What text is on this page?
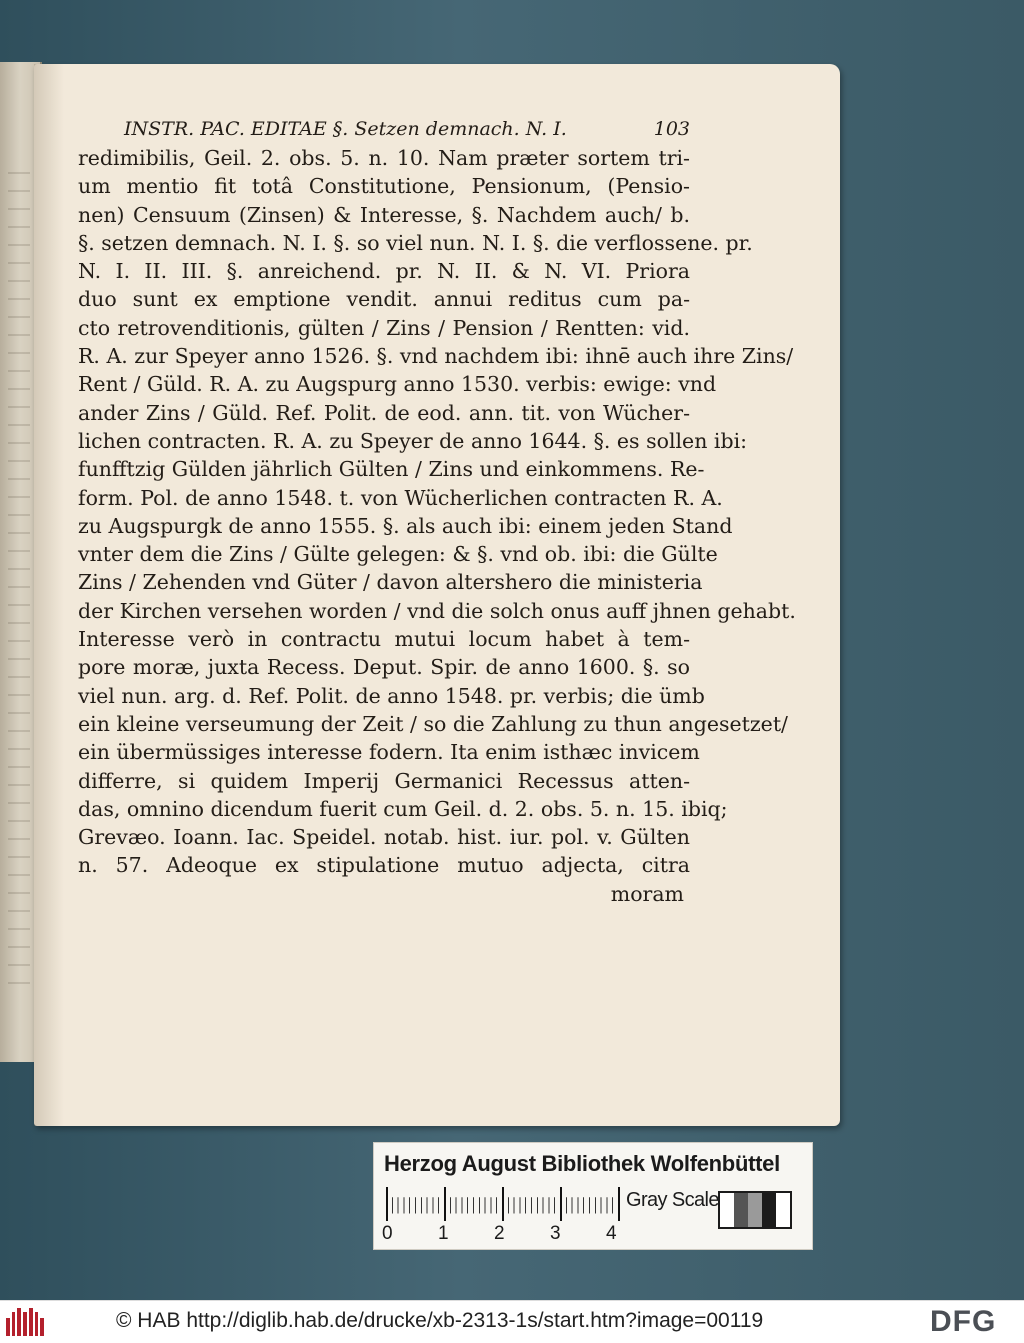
INSTR. PAC. EDITAE §. Setzen demnach. N. I.	103
redimibilis, Geil. 2. obs. 5. n. 10. Nam præter sortem tri-
um mentio fit totâ Constitutione, Pensionum, (Pensio-
nen) Censuum (Zinsen) & Interesse, §. Nachdem auch/ b.
§. setzen demnach. N. I. §. so viel nun. N. I. §. die verflossene. pr.
N. I. II. III. §. anreichend. pr. N. II. & N. VI. Priora
duo sunt ex emptione vendit. annui reditus cum pa-
cto retrovenditionis, gülten / Zins / Pension / Rentten: vid.
R. A. zur Speyer anno 1526. §. vnd nachdem ibi: ihnē auch ihre Zins/
Rent / Güld. R. A. zu Augspurg anno 1530. verbis: ewige: vnd
ander Zins / Güld. Ref. Polit. de eod. ann. tit. von Wücher-
lichen contracten. R. A. zu Speyer de anno 1644. §. es sollen ibi:
funfftzig Gülden jährlich Gülten / Zins und einkommens. Re-
form. Pol. de anno 1548. t. von Wücherlichen contracten R. A.
zu Augspurgk de anno 1555. §. als auch ibi: einem jeden Stand
vnter dem die Zins / Gülte gelegen: & §. vnd ob. ibi: die Gülte
Zins / Zehenden vnd Güter / davon altershero die ministeria
der Kirchen versehen worden / vnd die solch onus auff jhnen gehabt.
Interesse verò in contractu mutui locum habet à tem-
pore moræ, juxta Recess. Deput. Spir. de anno 1600. §. so
viel nun. arg. d. Ref. Polit. de anno 1548. pr. verbis; die ümb
ein kleine verseumung der Zeit / so die Zahlung zu thun angesetzet/
ein übermüssiges interesse fodern. Ita enim isthæc invicem
differre, si quidem Imperij Germanici Recessus atten-
das, omnino dicendum fuerit cum Geil. d. 2. obs. 5. n. 15. ibiq;
Grevæo. Ioann. Iac. Speidel. notab. hist. iur. pol. v. Gülten
n. 57. Adeoque ex stipulatione mutuo adjecta, citra
moram
Herzog August Bibliothek Wolfenbüttel
0 1 2 3 4
Gray Scale
© HAB http://diglib.hab.de/drucke/xb-2313-1s/start.htm?image=00119	DFG
